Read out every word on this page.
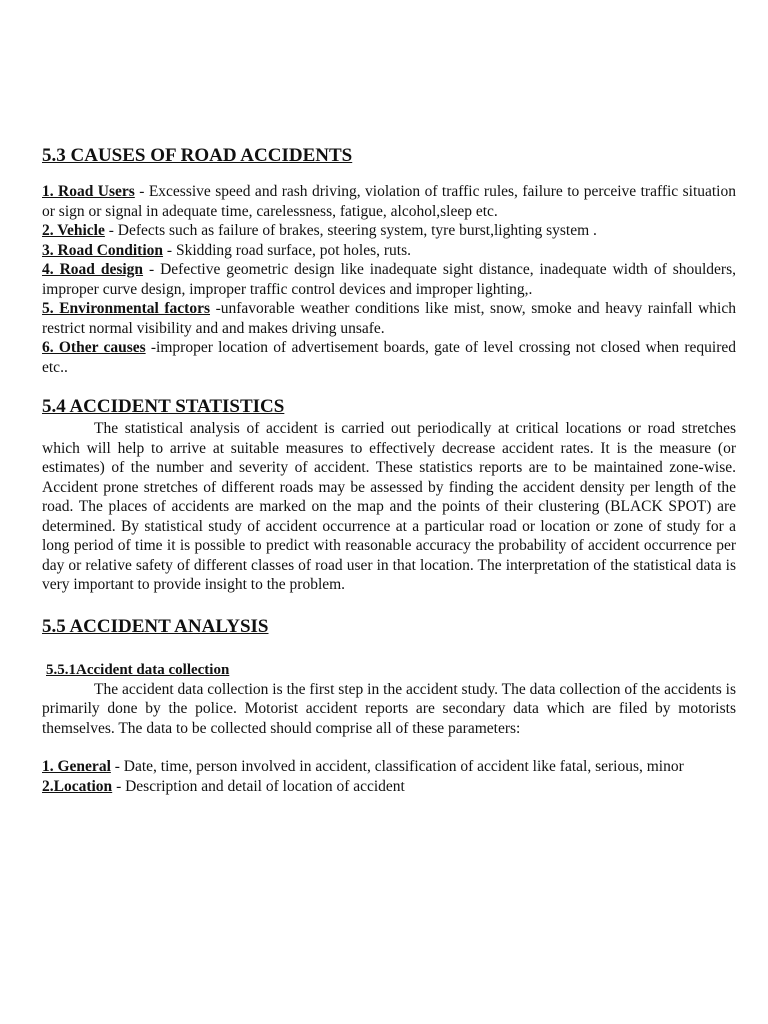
5.3 CAUSES OF ROAD ACCIDENTS

1. Road Users - Excessive speed and rash driving, violation of traffic rules, failure to perceive traffic situation or sign or signal in adequate time, carelessness, fatigue, alcohol,sleep etc.

2. Vehicle - Defects such as failure of brakes, steering system, tyre burst,lighting system .

3. Road Condition - Skidding road surface, pot holes, ruts.

4. Road design - Defective geometric design like inadequate sight distance, inadequate width of shoulders, improper curve design, improper traffic control devices and improper lighting,.

5. Environmental factors -unfavorable weather conditions like mist, snow, smoke and heavy rainfall which restrict normal visibility and and makes driving unsafe.

6. Other causes -improper location of advertisement boards, gate of level crossing not closed when required etc..

5.4 ACCIDENT STATISTICS

The statistical analysis of accident is carried out periodically at critical locations or road stretches which will help to arrive at suitable measures to effectively decrease accident rates. It is the measure (or estimates) of the number and severity of accident. These statistics reports are to be maintained zone-wise. Accident prone stretches of different roads may be assessed by finding the accident density per length of the road. The places of accidents are marked on the map and the points of their clustering (BLACK SPOT) are determined. By statistical study of accident occurrence at a particular road or location or zone of study for a long period of time it is possible to predict with reasonable accuracy the probability of accident occurrence per day or relative safety of different classes of road user in that location. The interpretation of the statistical data is very important to provide insight to the problem.

5.5 ACCIDENT ANALYSIS

5.5.1Accident data collection

The accident data collection is the first step in the accident study. The data collection of the accidents is primarily done by the police. Motorist accident reports are secondary data which are filed by motorists themselves. The data to be collected should comprise all of these parameters:

1. General - Date, time, person involved in accident, classification of accident like fatal, serious, minor

2.Location - Description and detail of location of accident
